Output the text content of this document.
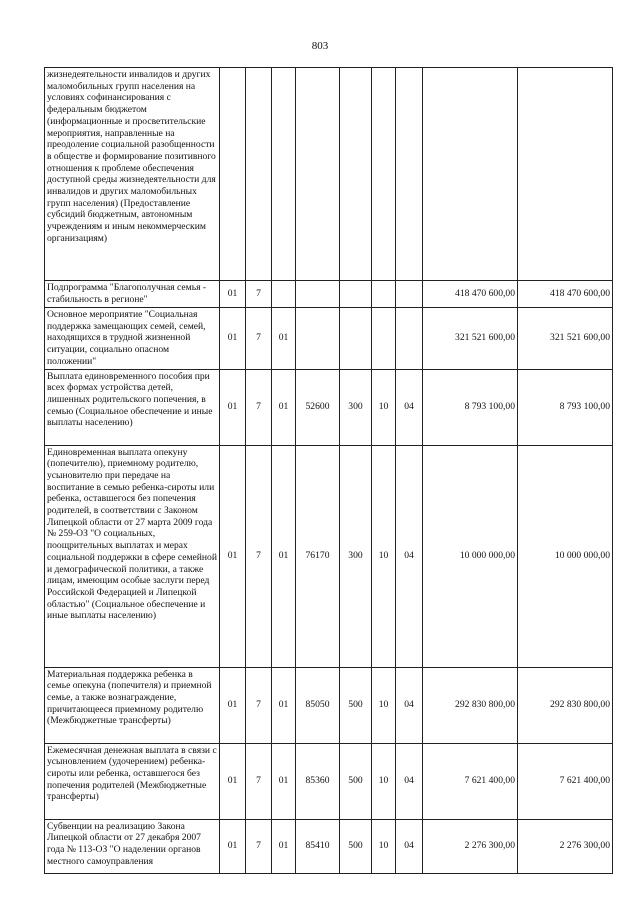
803
жизнедеятельности инвалидов и других маломобильных групп населения на условиях софинансирования с федеральным бюджетом (информационные и просветительские мероприятия, направленные на преодоление социальной разобщенности в обществе и формирование позитивного отношения к проблеме обеспечения доступной среды жизнедеятельности для инвалидов и других маломобильных групп населения) (Предоставление субсидий бюджетным, автономным учреждениям и иным некоммерческим организациям)									
Подпрограмма "Благополучная семья - стабильность в регионе"	01	7						418 470 600,00	418 470 600,00
Основное мероприятие "Социальная поддержка замещающих семей, семей, находящихся в трудной жизненной ситуации, социально опасном положении"	01	7	01					321 521 600,00	321 521 600,00
Выплата единовременного пособия при всех формах устройства детей, лишенных родительского попечения, в семью (Социальное обеспечение и иные выплаты населению)	01	7	01	52600	300	10	04	8 793 100,00	8 793 100,00
Единовременная выплата опекуну (попечителю), приемному родителю, усыновителю при передаче на воспитание в семью ребенка-сироты или ребенка, оставшегося без попечения родителей, в соответствии с Законом Липецкой области от 27 марта 2009 года № 259-ОЗ "О социальных, поощрительных выплатах и мерах социальной поддержки в сфере семейной и демографической политики, а также лицам, имеющим особые заслуги перед Российской Федерацией и Липецкой областью" (Социальное обеспечение и иные выплаты населению)	01	7	01	76170	300	10	04	10 000 000,00	10 000 000,00
Материальная поддержка ребенка в семье опекуна (попечителя) и приемной семье, а также вознаграждение, причитающееся приемному родителю (Межбюджетные трансферты)	01	7	01	85050	500	10	04	292 830 800,00	292 830 800,00
Ежемесячная денежная выплата в связи с усыновлением (удочерением) ребенка-сироты или ребенка, оставшегося без попечения родителей (Межбюджетные трансферты)	01	7	01	85360	500	10	04	7 621 400,00	7 621 400,00
Субвенции на реализацию Закона Липецкой области от 27 декабря 2007 года № 113-ОЗ "О наделении органов местного самоуправления	01	7	01	85410	500	10	04	2 276 300,00	2 276 300,00
